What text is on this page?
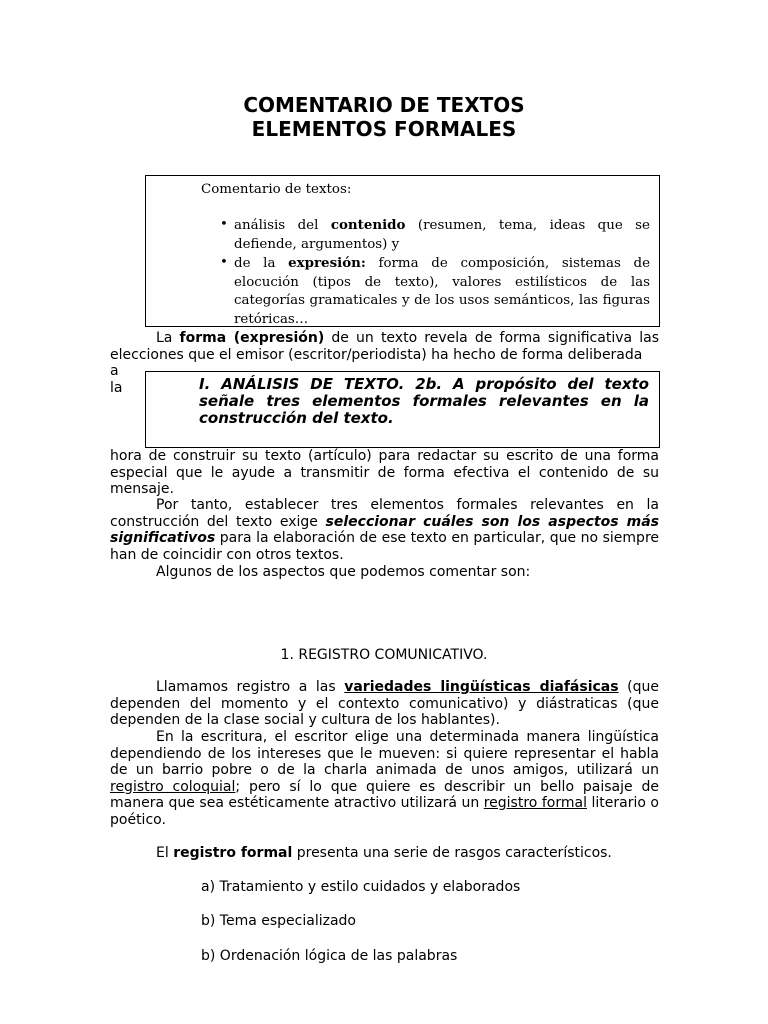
COMENTARIO DE TEXTOS
ELEMENTOS FORMALES
Comentario de textos:
• análisis del contenido (resumen, tema, ideas que se defiende, argumentos) y
• de la expresión: forma de composición, sistemas de elocución (tipos de texto), valores estilísticos de las categorías gramaticales y de los usos semánticos, las figuras retóricas…
La forma (expresión) de un texto revela de forma significativa las elecciones que el emisor (escritor/periodista) ha hecho de forma deliberada
a
la	I. ANÁLISIS DE TEXTO. 2b. A propósito del texto señale tres elementos formales relevantes en la construcción del texto.
hora de construir su texto (artículo) para redactar su escrito de una forma especial que le ayude a transmitir de forma efectiva el contenido de su mensaje.
Por tanto, establecer tres elementos formales relevantes en la construcción del texto exige seleccionar cuáles son los aspectos más significativos para la elaboración de ese texto en particular, que no siempre han de coincidir con otros textos.
Algunos de los aspectos que podemos comentar son:
1. REGISTRO COMUNICATIVO.
Llamamos registro a las variedades lingüísticas diafásicas (que dependen del momento y el contexto comunicativo) y diástraticas (que dependen de la clase social y cultura de los hablantes).
En la escritura, el escritor elige una determinada manera lingüística dependiendo de los intereses que le mueven: si quiere representar el habla de un barrio pobre o de la charla animada de unos amigos, utilizará un registro coloquial; pero sí lo que quiere es describir un bello paisaje de manera que sea estéticamente atractivo utilizará un registro formal literario o poético.
El registro formal presenta una serie de rasgos característicos.
a) Tratamiento y estilo cuidados y elaborados
b) Tema especializado
b) Ordenación lógica de las palabras
